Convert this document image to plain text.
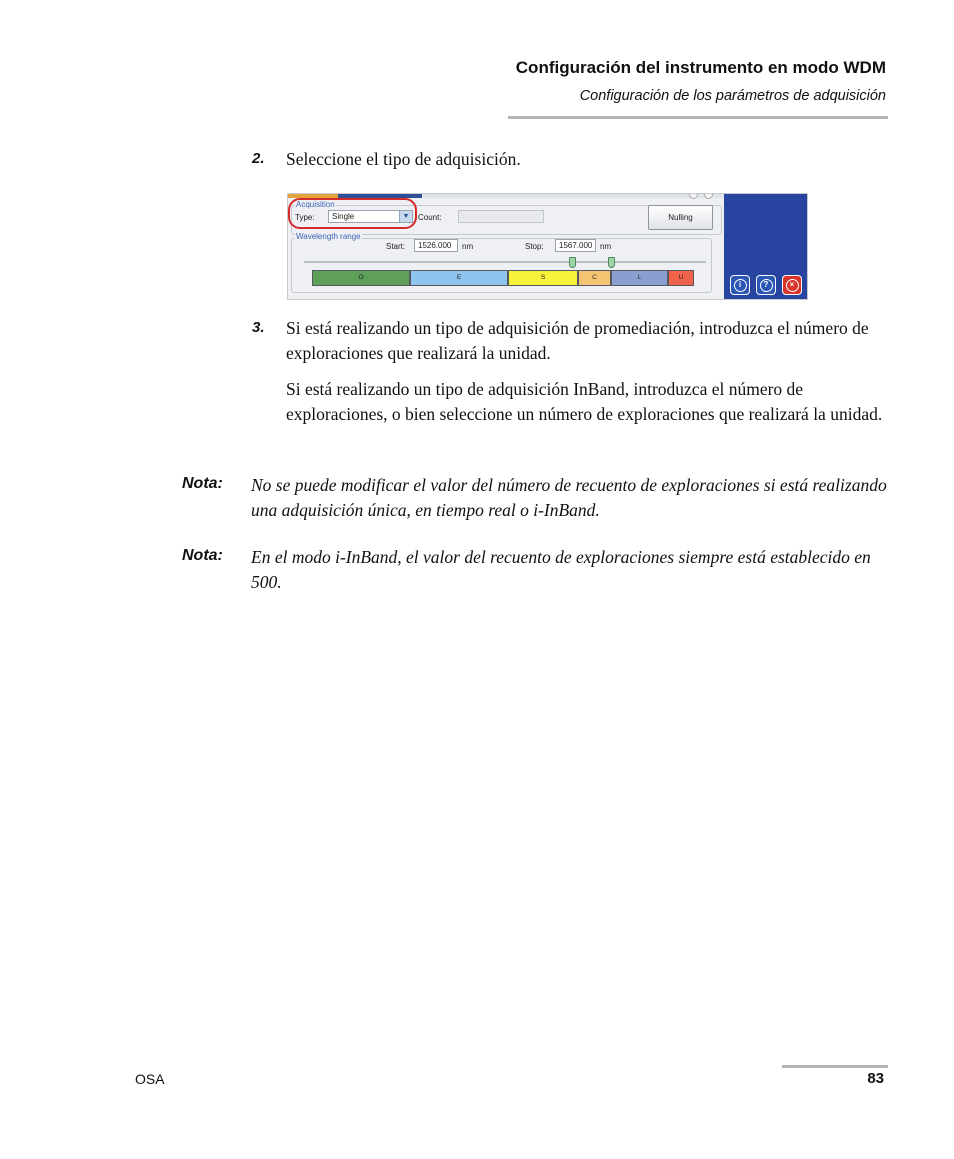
Configuración del instrumento en modo WDM
Configuración de los parámetros de adquisición
2. Seleccione el tipo de adquisición.
Acquisition
Type:	Single	▼	Count:	Nulling
Wavelength range
Start:	1526.000	nm	Stop:	1567.000 nm
O	E	S	C	L	U
i	?	×
3. Si está realizando un tipo de adquisición de promediación, introduzca el número de exploraciones que realizará la unidad.
Si está realizando un tipo de adquisición InBand, introduzca el número de exploraciones, o bien seleccione un número de exploraciones que realizará la unidad.
Nota: No se puede modificar el valor del número de recuento de exploraciones si está realizando una adquisición única, en tiempo real o i-InBand.
Nota: En el modo i-InBand, el valor del recuento de exploraciones siempre está establecido en 500.
OSA	83
